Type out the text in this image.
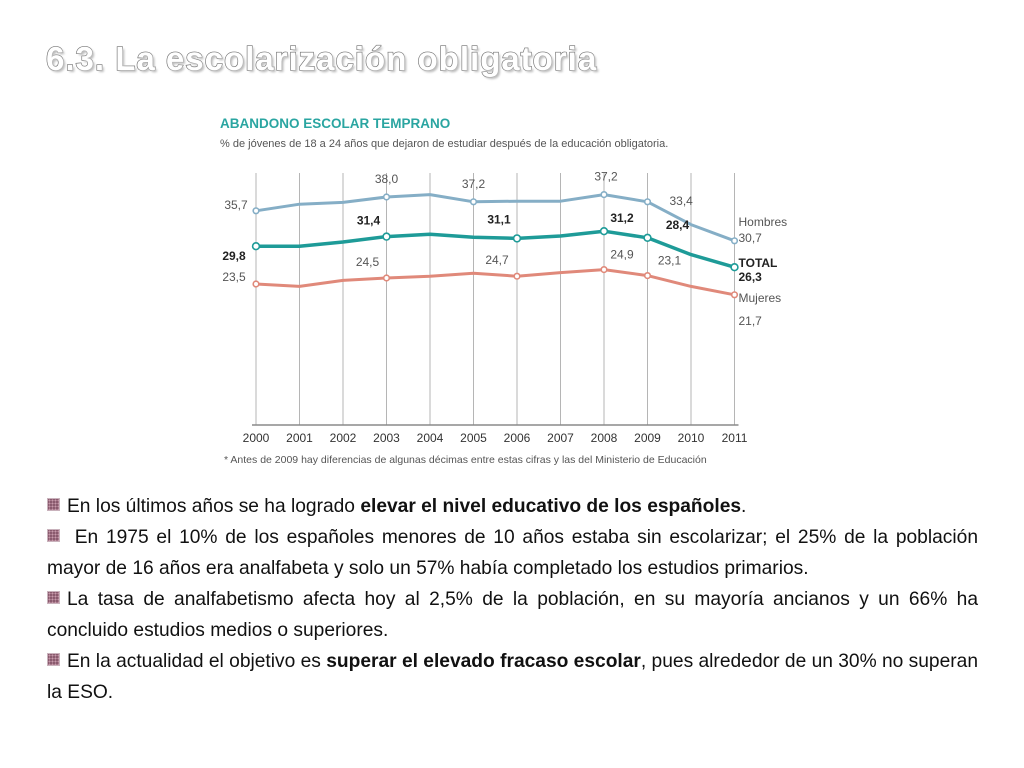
6.3. La escolarización obligatoria
ABANDONO ESCOLAR TEMPRANO
% de jóvenes de 18 a 24 años que dejaron de estudiar después de la educación obligatoria.
2000 2001 2002 2003 2004 2005 2006 2007 2008 2009 2010 2011
35,7
38,0	37,2
37,2
33,4
30,7
Hombres
29,8
31,4	31,1	31,2	28,4
26,3
TOTAL
23,5
24,5	24,7	24,9 23,1
21,7
Mujeres
* Antes de 2009 hay diferencias de algunas décimas entre estas cifras y las del Ministerio de Educación
En los últimos años se ha logrado elevar el nivel educativo de los españoles.
En 1975 el 10% de los españoles menores de 10 años estaba sin escolarizar; el 25% de la población mayor de 16 años era analfabeta y solo un 57% había completado los estudios primarios.
La tasa de analfabetismo afecta hoy al 2,5% de la población, en su mayoría ancianos y un 66% ha concluido estudios medios o superiores.
En la actualidad el objetivo es superar el elevado fracaso escolar, pues alrededor de un 30% no superan la ESO.
